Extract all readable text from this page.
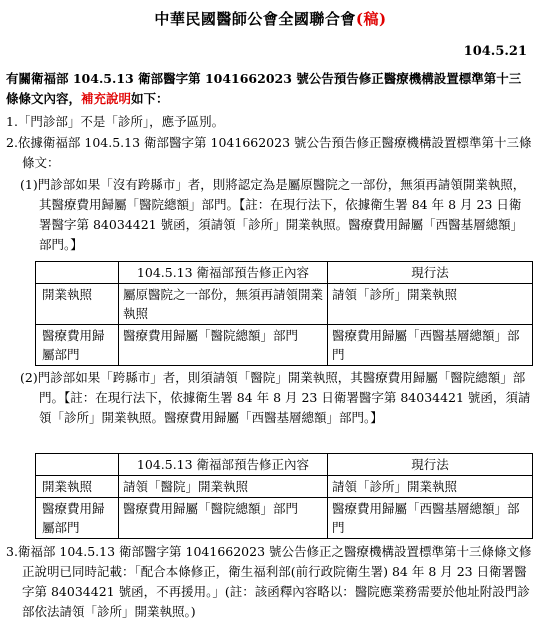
中華民國醫師公會全國聯合會(稿)
104.5.21
有關衛福部 104.5.13 衛部醫字第 1041662023 號公告預告修正醫療機構設置標準第十三條條文內容，補充說明如下：
1.「門診部」不是「診所」，應予區別。
2.依據衛福部 104.5.13 衛部醫字第 1041662023 號公告預告修正醫療機構設置標準第十三條條文：
(1)門診部如果「沒有跨縣市」者，則將認定為是屬原醫院之一部份，無須再請領開業執照，其醫療費用歸屬「醫院總額」部門。【註：在現行法下，依據衛生署 84 年 8 月 23 日衛署醫字第 84034421 號函，須請領「診所」開業執照。醫療費用歸屬「西醫基層總額」部門。】
	104.5.13 衛福部預告修正內容	現行法
開業執照	屬原醫院之一部份，無須再請領開業執照	請領「診所」開業執照
醫療費用歸屬部門	醫療費用歸屬「醫院總額」部門	醫療費用歸屬「西醫基層總額」部門
(2)門診部如果「跨縣市」者，則須請領「醫院」開業執照，其醫療費用歸屬「醫院總額」部門。【註：在現行法下，依據衛生署 84 年 8 月 23 日衛署醫字第 84034421 號函，須請領「診所」開業執照。醫療費用歸屬「西醫基層總額」部門。】
	104.5.13 衛福部預告修正內容	現行法
開業執照	請領「醫院」開業執照	請領「診所」開業執照
醫療費用歸屬部門	醫療費用歸屬「醫院總額」部門	醫療費用歸屬「西醫基層總額」部門
3.衛福部 104.5.13 衛部醫字第 1041662023 號公告修正之醫療機構設置標準第十三條條文修正說明已同時記載：「配合本條修正，衛生福利部(前行政院衛生署) 84 年 8 月 23 日衛署醫字第 84034421 號函，不再援用。」(註：該函釋內容略以：醫院應業務需要於他址附設門診部依法請領「診所」開業執照。)
